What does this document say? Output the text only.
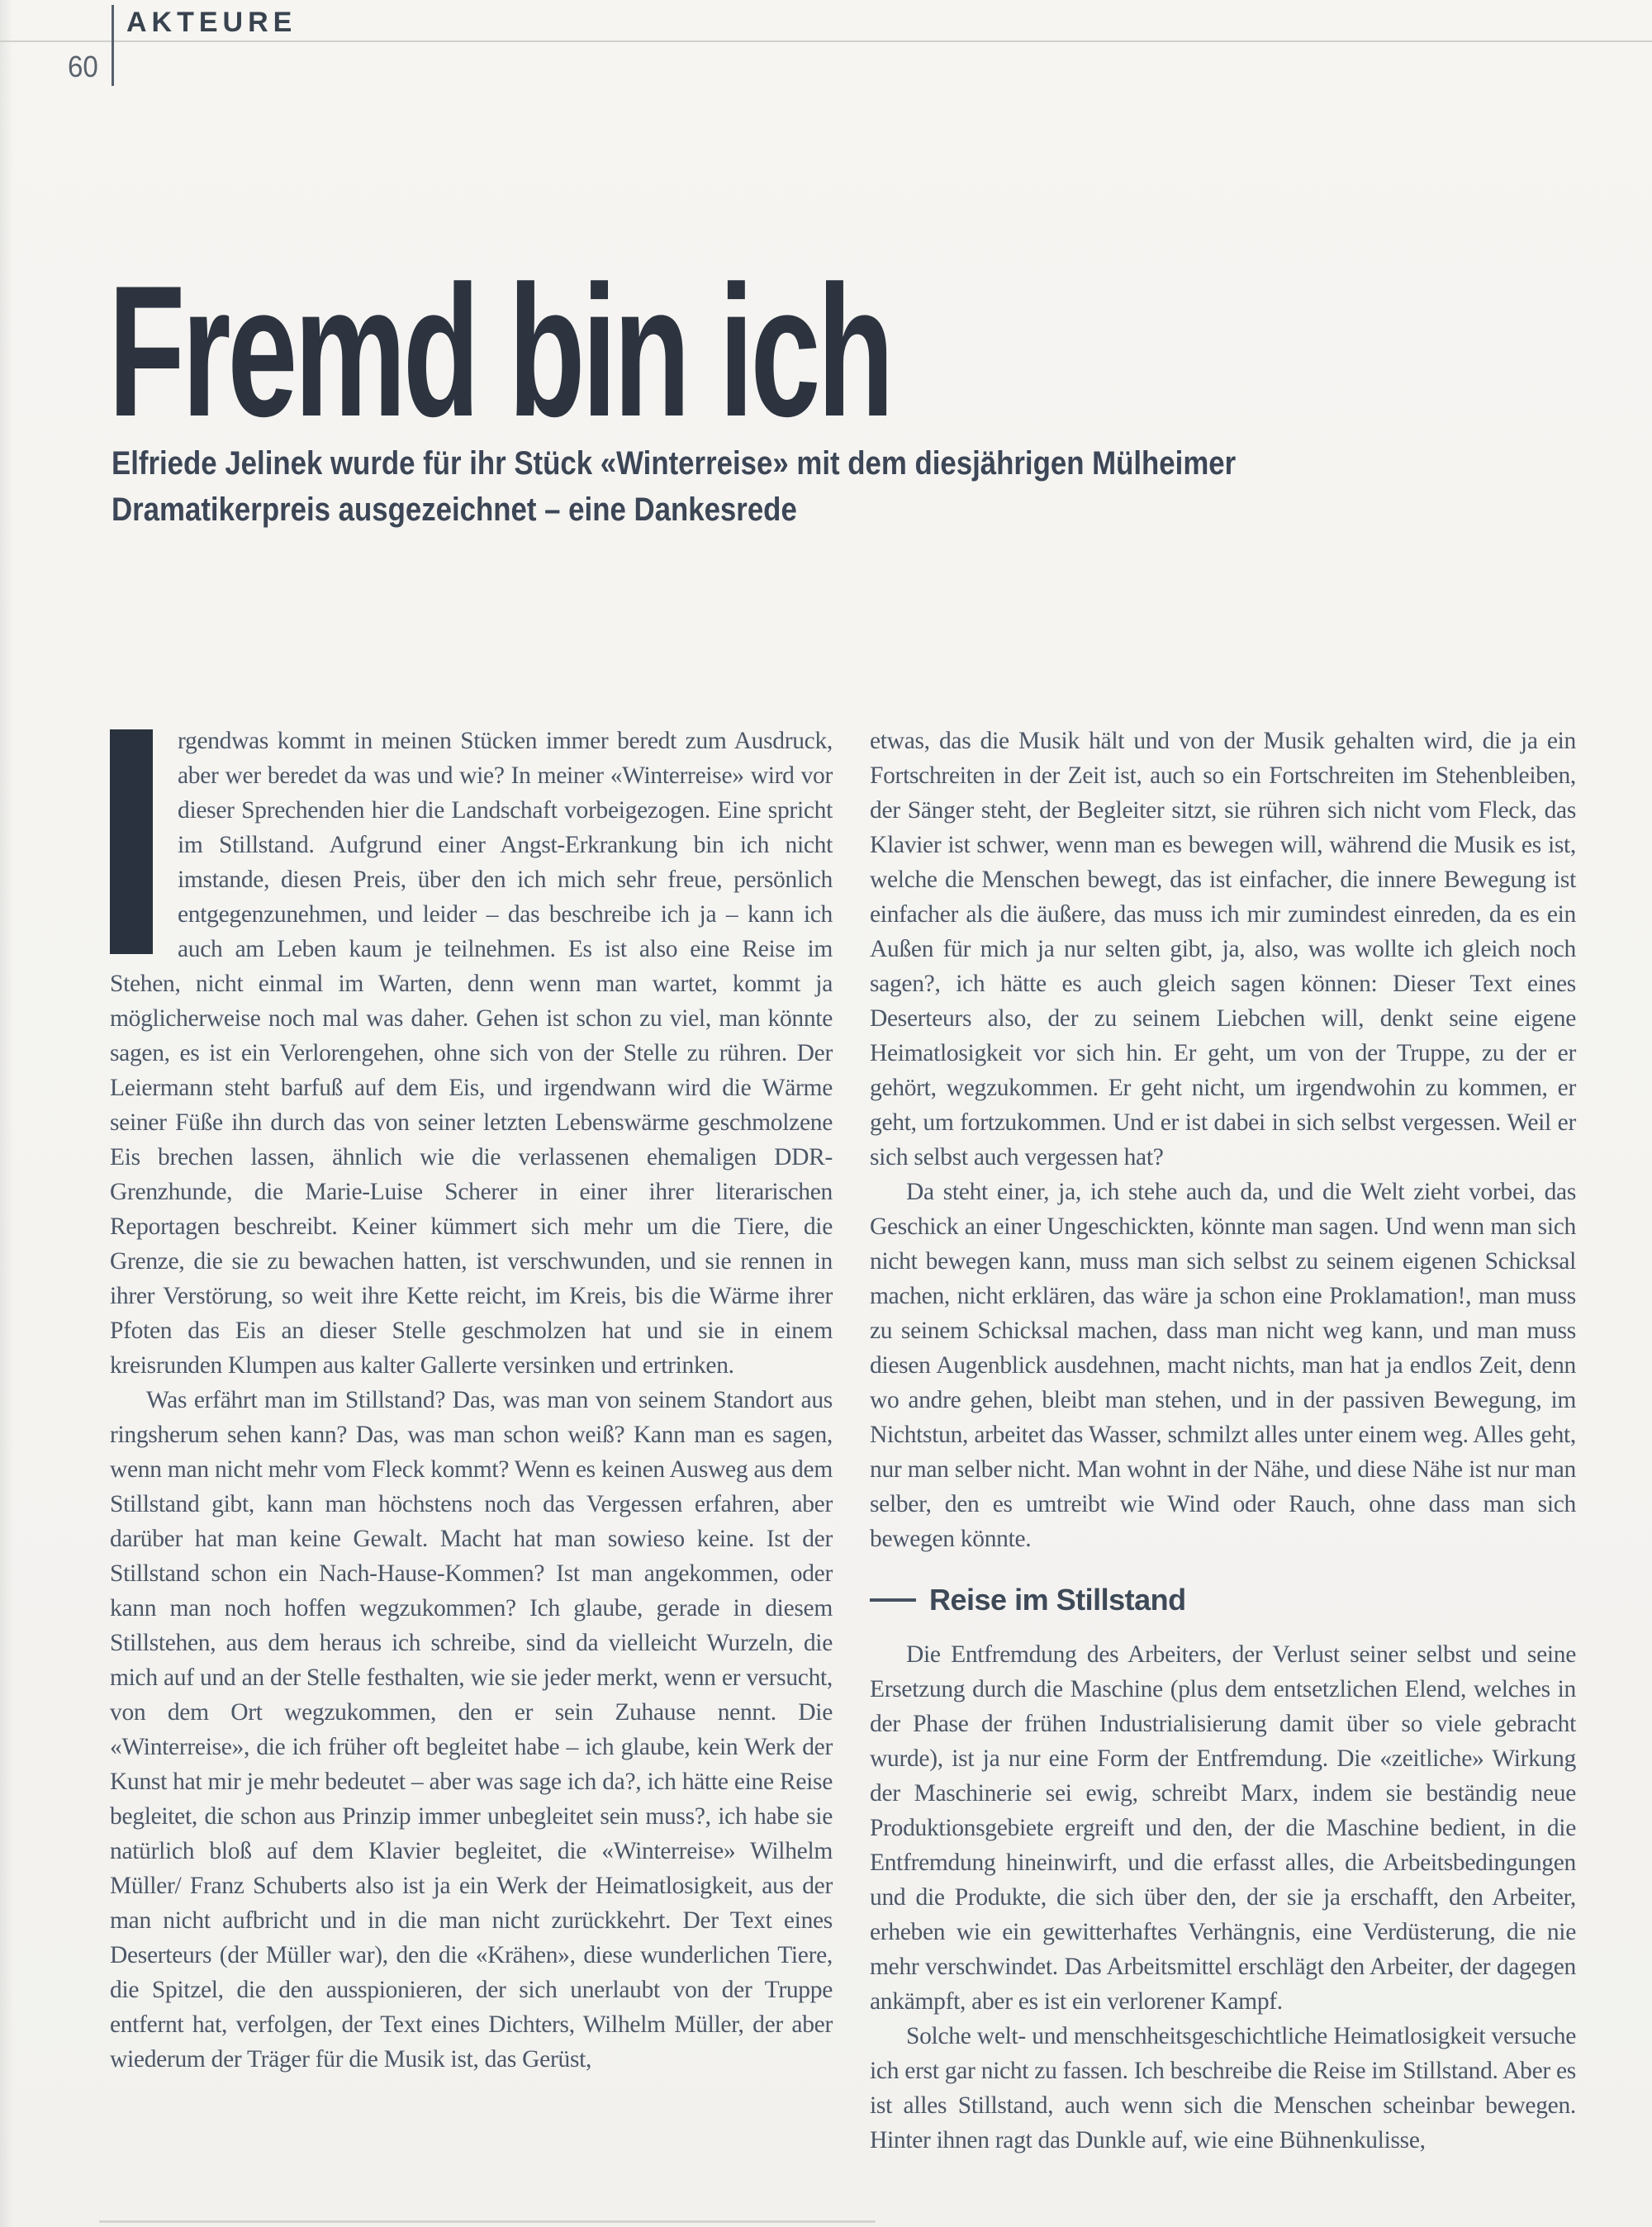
AKTEURE
60
Fremd bin ich
Elfriede Jelinek wurde für ihr Stück «Winterreise» mit dem diesjährigen Mülheimer
Dramatikerpreis ausgezeichnet – eine Dankesrede

rgendwas kommt in meinen Stücken immer beredt zum Ausdruck, aber wer beredet da was und wie? In meiner «Winterreise» wird vor dieser Sprechenden hier die Landschaft vorbeigezogen. Eine spricht im Stillstand. Aufgrund einer Angst-Erkrankung bin ich nicht imstande, diesen Preis, über den ich mich sehr freue, persönlich entgegenzunehmen, und leider – das beschreibe ich ja – kann ich auch am Leben kaum je teilnehmen. Es ist also eine Reise im Stehen, nicht einmal im Warten, denn wenn man wartet, kommt ja möglicherweise noch mal was daher. Gehen ist schon zu viel, man könnte sagen, es ist ein Verlorengehen, ohne sich von der Stelle zu rühren. Der Leiermann steht barfuß auf dem Eis, und irgendwann wird die Wärme seiner Füße ihn durch das von seiner letzten Lebenswärme geschmolzene Eis brechen lassen, ähnlich wie die verlassenen ehemaligen DDR-Grenzhunde, die Marie-Luise Scherer in einer ihrer literarischen Reportagen beschreibt. Keiner kümmert sich mehr um die Tiere, die Grenze, die sie zu bewachen hatten, ist verschwunden, und sie rennen in ihrer Verstörung, so weit ihre Kette reicht, im Kreis, bis die Wärme ihrer Pfoten das Eis an dieser Stelle geschmolzen hat und sie in einem kreisrunden Klumpen aus kalter Gallerte versinken und ertrinken.

Was erfährt man im Stillstand? Das, was man von seinem Standort aus ringsherum sehen kann? Das, was man schon weiß? Kann man es sagen, wenn man nicht mehr vom Fleck kommt? Wenn es keinen Ausweg aus dem Stillstand gibt, kann man höchstens noch das Vergessen erfahren, aber darüber hat man keine Gewalt. Macht hat man sowieso keine. Ist der Stillstand schon ein Nach-Hause-Kommen? Ist man angekommen, oder kann man noch hoffen wegzukommen? Ich glaube, gerade in diesem Stillstehen, aus dem heraus ich schreibe, sind da vielleicht Wurzeln, die mich auf und an der Stelle festhalten, wie sie jeder merkt, wenn er versucht, von dem Ort wegzukommen, den er sein Zuhause nennt. Die «Winterreise», die ich früher oft begleitet habe – ich glaube, kein Werk der Kunst hat mir je mehr bedeutet – aber was sage ich da?, ich hätte eine Reise begleitet, die schon aus Prinzip immer unbegleitet sein muss?, ich habe sie natürlich bloß auf dem Klavier begleitet, die «Winterreise» Wilhelm Müller/ Franz Schuberts also ist ja ein Werk der Heimatlosigkeit, aus der man nicht aufbricht und in die man nicht zurückkehrt. Der Text eines Deserteurs (der Müller war), den die «Krähen», diese wunderlichen Tiere, die Spitzel, die den ausspionieren, der sich unerlaubt von der Truppe entfernt hat, verfolgen, der Text eines Dichters, Wilhelm Müller, der aber wiederum der Träger für die Musik ist, das Gerüst,

etwas, das die Musik hält und von der Musik gehalten wird, die ja ein Fortschreiten in der Zeit ist, auch so ein Fortschreiten im Stehenbleiben, der Sänger steht, der Begleiter sitzt, sie rühren sich nicht vom Fleck, das Klavier ist schwer, wenn man es bewegen will, während die Musik es ist, welche die Menschen bewegt, das ist einfacher, die innere Bewegung ist einfacher als die äußere, das muss ich mir zumindest einreden, da es ein Außen für mich ja nur selten gibt, ja, also, was wollte ich gleich noch sagen?, ich hätte es auch gleich sagen können: Dieser Text eines Deserteurs also, der zu seinem Liebchen will, denkt seine eigene Heimatlosigkeit vor sich hin. Er geht, um von der Truppe, zu der er gehört, wegzukommen. Er geht nicht, um irgendwohin zu kommen, er geht, um fortzukommen. Und er ist dabei in sich selbst vergessen. Weil er sich selbst auch vergessen hat?

Da steht einer, ja, ich stehe auch da, und die Welt zieht vorbei, das Geschick an einer Ungeschickten, könnte man sagen. Und wenn man sich nicht bewegen kann, muss man sich selbst zu seinem eigenen Schicksal machen, nicht erklären, das wäre ja schon eine Proklamation!, man muss zu seinem Schicksal machen, dass man nicht weg kann, und man muss diesen Augenblick ausdehnen, macht nichts, man hat ja endlos Zeit, denn wo andre gehen, bleibt man stehen, und in der passiven Bewegung, im Nichtstun, arbeitet das Wasser, schmilzt alles unter einem weg. Alles geht, nur man selber nicht. Man wohnt in der Nähe, und diese Nähe ist nur man selber, den es umtreibt wie Wind oder Rauch, ohne dass man sich bewegen könnte.

Reise im Stillstand

Die Entfremdung des Arbeiters, der Verlust seiner selbst und seine Ersetzung durch die Maschine (plus dem entsetzlichen Elend, welches in der Phase der frühen Industrialisierung damit über so viele gebracht wurde), ist ja nur eine Form der Entfremdung. Die «zeitliche» Wirkung der Maschinerie sei ewig, schreibt Marx, indem sie beständig neue Produktionsgebiete ergreift und den, der die Maschine bedient, in die Entfremdung hineinwirft, und die erfasst alles, die Arbeitsbedingungen und die Produkte, die sich über den, der sie ja erschafft, den Arbeiter, erheben wie ein gewitterhaftes Verhängnis, eine Verdüsterung, die nie mehr verschwindet. Das Arbeitsmittel erschlägt den Arbeiter, der dagegen ankämpft, aber es ist ein verlorener Kampf.

Solche welt- und menschheitsgeschichtliche Heimatlosigkeit versuche ich erst gar nicht zu fassen. Ich beschreibe die Reise im Stillstand. Aber es ist alles Stillstand, auch wenn sich die Menschen scheinbar bewegen. Hinter ihnen ragt das Dunkle auf, wie eine Bühnenkulisse,
